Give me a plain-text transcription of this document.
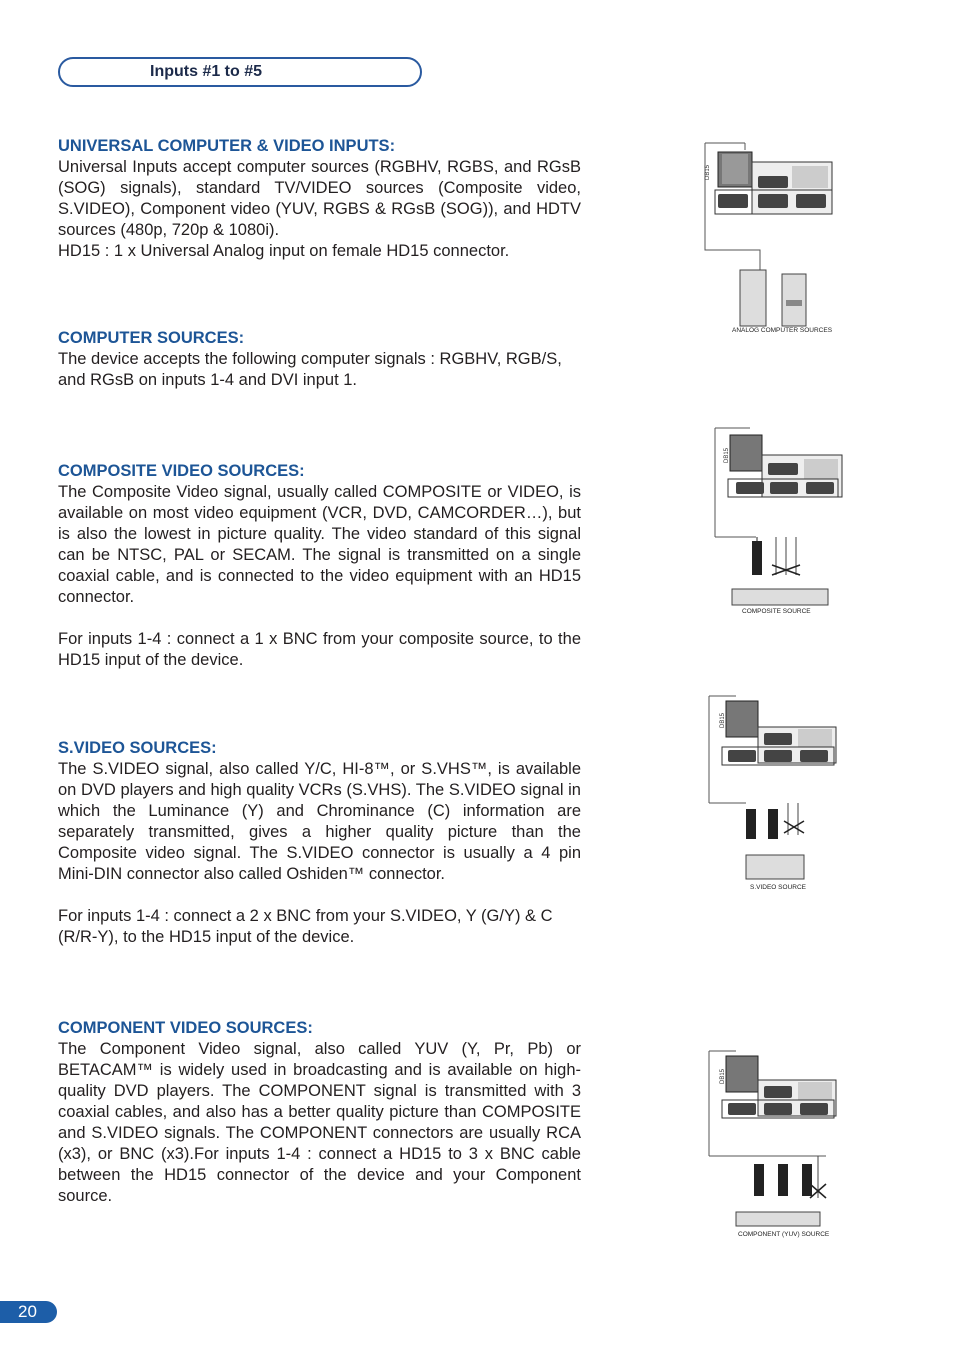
Inputs #1 to #5

UNIVERSAL COMPUTER & VIDEO INPUTS:

Universal Inputs accept computer sources (RGBHV, RGBS, and RGsB (SOG) signals), standard TV/VIDEO sources (Composite video, S.VIDEO), Component video (YUV, RGBS & RGsB (SOG)), and HDTV sources (480p, 720p & 1080i).

HD15 : 1 x Universal Analog input on female HD15 connector.

COMPUTER SOURCES:

The device accepts the following computer signals : RGBHV, RGB/S, and RGsB on inputs 1-4 and DVI input 1.

COMPOSITE VIDEO SOURCES:

The Composite Video signal, usually called COMPOSITE or VIDEO, is available on most video equipment (VCR, DVD, CAMCORDER…), but is also the lowest in picture quality. The video standard of this signal can be NTSC, PAL or SECAM. The signal is transmitted on a single coaxial cable, and is connected to the video equipment with an HD15 connector.

For inputs 1-4 : connect a 1 x BNC from your composite source, to the HD15 input of the device.

S.VIDEO SOURCES:

The S.VIDEO signal, also called Y/C, HI-8™, or S.VHS™, is available on DVD players and high quality VCRs (S.VHS). The S.VIDEO signal in which the Luminance (Y) and Chrominance (C) information are separately transmitted, gives a higher quality picture than the Composite video signal. The S.VIDEO connector is usually a 4 pin Mini-DIN connector also called Oshiden™ connector.

For inputs 1-4 : connect a 2 x BNC from your S.VIDEO, Y (G/Y) & C (R/R-Y), to the HD15 input of the device.

COMPONENT VIDEO SOURCES:

The Component Video signal, also called YUV (Y, Pr, Pb) or BETACAM™ is widely used in broadcasting and is available on high-quality DVD players. The COMPONENT signal is transmitted with 3 coaxial cables, and also has a better quality picture than COMPOSITE and S.VIDEO signals. The COMPONENT connectors are usually RCA (x3), or BNC (x3).For inputs 1-4 : connect a HD15 to 3 x BNC cable between the HD15 connector of the device and your Component source.

DB15
ANALOG COMPUTER SOURCES
DB15
COMPOSITE SOURCE
DB15
S.VIDEO SOURCE
DB15
COMPONENT (YUV) SOURCE
20
